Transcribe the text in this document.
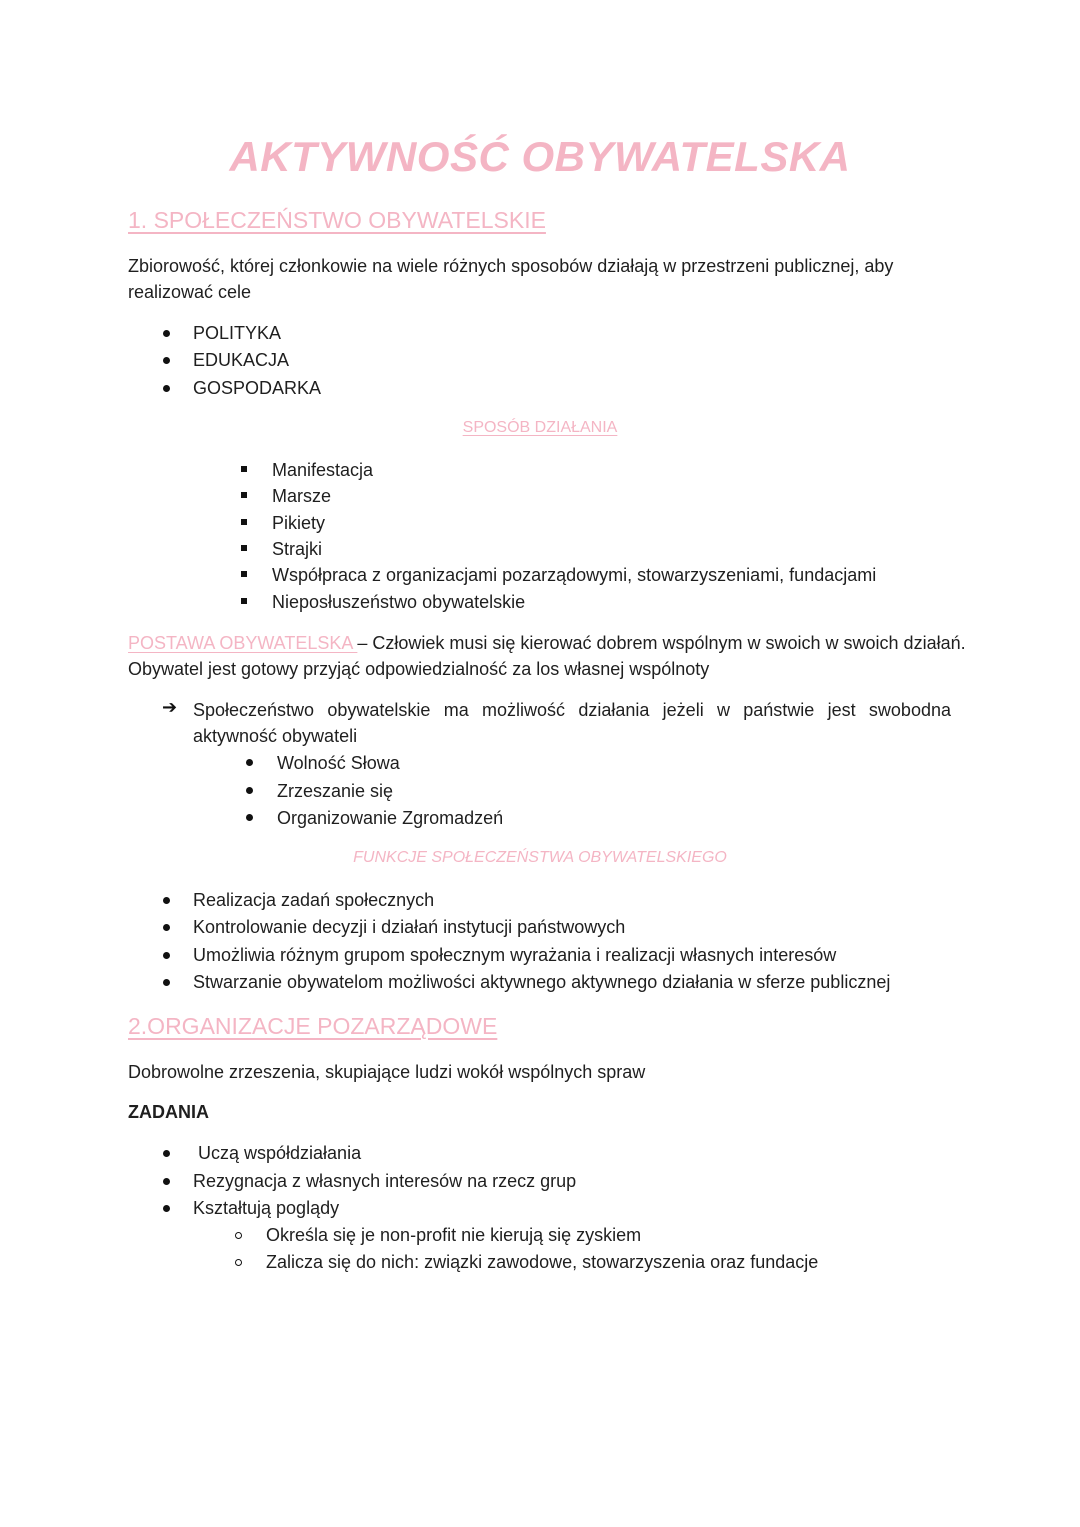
AKTYWNOŚĆ OBYWATELSKA
1. SPOŁECZEŃSTWO OBYWATELSKIE
Zbiorowość, której członkowie na wiele różnych sposobów działają w przestrzeni publicznej, aby
realizować cele
POLITYKA
EDUKACJA
GOSPODARKA
SPOSÓB DZIAŁANIA
Manifestacja
Marsze
Pikiety
Strajki
Współpraca z organizacjami pozarządowymi, stowarzyszeniami, fundacjami
Nieposłuszeństwo obywatelskie
POSTAWA OBYWATELSKA – Człowiek musi się kierować dobrem wspólnym w swoich w swoich działań.
Obywatel jest gotowy przyjąć odpowiedzialność za los własnej wspólnoty
➔ Społeczeństwo obywatelskie ma możliwość działania jeżeli w państwie jest swobodna
aktywność obywateli
Wolność Słowa
Zrzeszanie się
Organizowanie Zgromadzeń
FUNKCJE SPOŁECZEŃSTWA OBYWATELSKIEGO
Realizacja zadań społecznych
Kontrolowanie decyzji i działań instytucji państwowych
Umożliwia różnym grupom społecznym wyrażania i realizacji własnych interesów
Stwarzanie obywatelom możliwości aktywnego aktywnego działania w sferze publicznej
2.ORGANIZACJE POZARZĄDOWE
Dobrowolne zrzeszenia, skupiające ludzi wokół wspólnych spraw
ZADANIA
Uczą współdziałania
Rezygnacja z własnych interesów na rzecz grup
Kształtują poglądy
Określa się je non-profit nie kierują się zyskiem
Zalicza się do nich: związki zawodowe, stowarzyszenia oraz fundacje
